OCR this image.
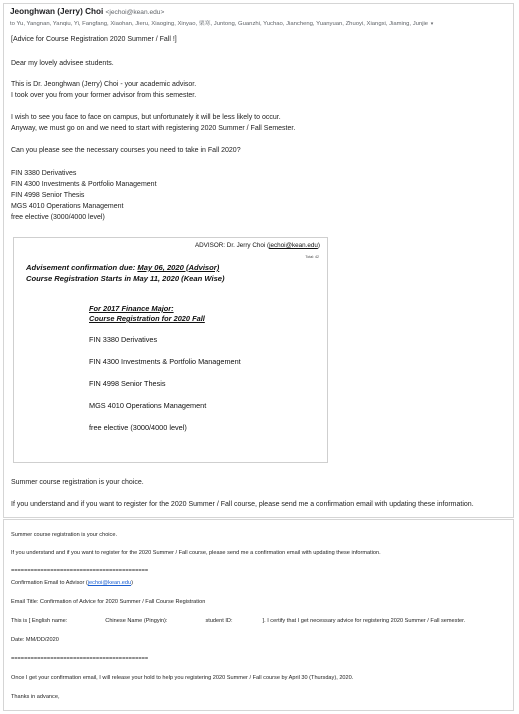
Jeonghwan (Jerry) Choi <jechoi@kean.edu>
to Yu, Yangnan, Yanqiu, Yi, Fangfang, Xiaohan, Jieru, Xiaoging, Xinyao, 栗寒, Juntong, Guanzhi, Yuchao, Jiancheng, Yuanyuan, Zhuoyi, Xiangxi, Jiaming, Junjie ▾
[Advice for Course Registration 2020 Summer / Fall !]
Dear my lovely advisee students.
This is Dr. Jeonghwan (Jerry) Choi - your academic advisor.
I took over you from your former advisor from this semester.
I wish to see you face to face on campus, but unfortunately it will be less likely to occur.
Anyway, we must go on and we need to start with registering 2020 Summer / Fall Semester.
Can you please see the necessary courses you need to take in Fall 2020?
FIN 3380 Derivatives
FIN 4300 Investments & Portfolio Management
FIN 4998 Senior Thesis
MGS 4010 Operations Management
free elective (3000/4000 level)
ADVISOR: Dr. Jerry Choi (jechoi@kean.edu)
Total: 42
Advisement confirmation due: May 06, 2020 (Advisor)
Course Registration Starts in May 11, 2020 (Kean Wise)
For 2017 Finance Major:
Course Registration for 2020 Fall
FIN 3380 Derivatives
FIN 4300 Investments & Portfolio Management
FIN 4998 Senior Thesis
MGS 4010 Operations Management
free elective (3000/4000 level)
Summer course registration is your choice.
If you understand and if you want to register for the 2020 Summer / Fall course, please send me a confirmation email with updating these information.
Summer course registration is your choice.
If you understand and if you want to register for the 2020 Summer / Fall course, please send me a confirmation email with updating these information.
==========================================
Confirmation Email to Advisor (jechoi@kean.edu)
Email Title: Confirmation of Advice for 2020 Summer / Fall Course Registration
This is [ English name:	Chinese Name (Pingyin):	student ID:	]. I certify that I get necessary advice for registering 2020 Summer / Fall semester.
Date: MM/DD/2020
==========================================
Once I get your confirmation email, I will release your hold to help you registering 2020 Summer / Fall course by April 30 (Thursday), 2020.
Thanks in advance,
